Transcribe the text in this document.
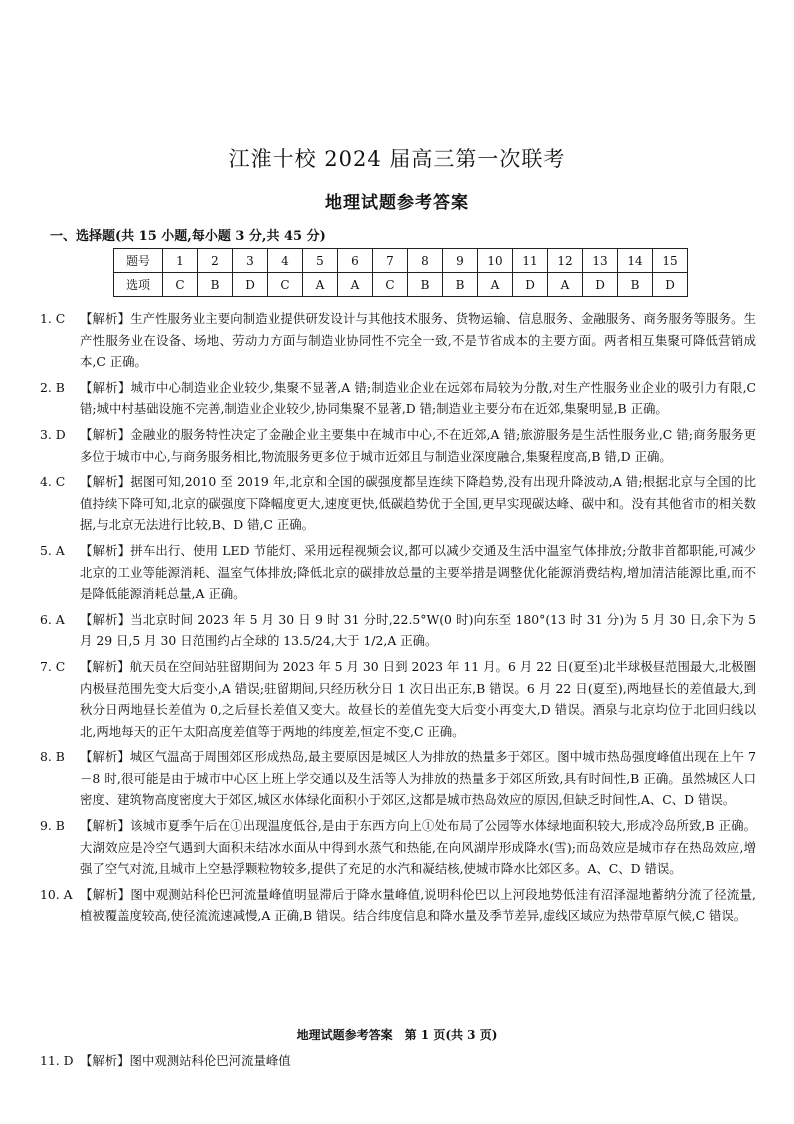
江淮十校 2024 届高三第一次联考
地理试题参考答案
一、选择题(共 15 小题,每小题 3 分,共 45 分)
题号	1	2	3	4	5	6	7	8	9	10	11	12	13	14	15
选项	C	B	D	C	A	A	C	B	B	A	D	A	D	B	D
1. C	【解析】生产性服务业主要向制造业提供研发设计与其他技术服务、货物运输、信息服务、金融服务、商务服务等服务。生产性服务业在设备、场地、劳动力方面与制造业协同性不完全一致,不是节省成本的主要方面。两者相互集聚可降低营销成本,C 正确。
2. B	【解析】城市中心制造业企业较少,集聚不显著,A 错;制造业企业在远郊布局较为分散,对生产性服务业企业的吸引力有限,C 错;城中村基础设施不完善,制造业企业较少,协同集聚不显著,D 错;制造业主要分布在近郊,集聚明显,B 正确。
3. D	【解析】金融业的服务特性决定了金融企业主要集中在城市中心,不在近郊,A 错;旅游服务是生活性服务业,C 错;商务服务更多位于城市中心,与商务服务相比,物流服务更多位于城市近郊且与制造业深度融合,集聚程度高,B 错,D 正确。
4. C	【解析】据图可知,2010 至 2019 年,北京和全国的碳强度都呈连续下降趋势,没有出现升降波动,A 错;根据北京与全国的比值持续下降可知,北京的碳强度下降幅度更大,速度更快,低碳趋势优于全国,更早实现碳达峰、碳中和。没有其他省市的相关数据,与北京无法进行比较,B、D 错,C 正确。
5. A	【解析】拼车出行、使用 LED 节能灯、采用远程视频会议,都可以减少交通及生活中温室气体排放;分散非首都职能,可减少北京的工业等能源消耗、温室气体排放;降低北京的碳排放总量的主要举措是调整优化能源消费结构,增加清洁能源比重,而不是降低能源消耗总量,A 正确。
6. A	【解析】当北京时间 2023 年 5 月 30 日 9 时 31 分时,22.5°W(0 时)向东至 180°(13 时 31 分)为 5 月 30 日,余下为 5 月 29 日,5 月 30 日范围约占全球的 13.5/24,大于 1/2,A 正确。
7. C	【解析】航天员在空间站驻留期间为 2023 年 5 月 30 日到 2023 年 11 月。6 月 22 日(夏至)北半球极昼范围最大,北极圈内极昼范围先变大后变小,A 错误;驻留期间,只经历秋分日 1 次日出正东,B 错误。6 月 22 日(夏至),两地昼长的差值最大,到秋分日两地昼长差值为 0,之后昼长差值又变大。故昼长的差值先变大后变小再变大,D 错误。酒泉与北京均位于北回归线以北,两地每天的正午太阳高度差值等于两地的纬度差,恒定不变,C 正确。
8. B	【解析】城区气温高于周围郊区形成热岛,最主要原因是城区人为排放的热量多于郊区。图中城市热岛强度峰值出现在上午 7－8 时,很可能是由于城市中心区上班上学交通以及生活等人为排放的热量多于郊区所致,具有时间性,B 正确。虽然城区人口密度、建筑物高度密度大于郊区,城区水体绿化面积小于郊区,这都是城市热岛效应的原因,但缺乏时间性,A、C、D 错误。
9. B	【解析】该城市夏季午后在①出现温度低谷,是由于东西方向上①处布局了公园等水体绿地面积较大,形成冷岛所致,B 正确。大湖效应是冷空气遇到大面积未结冰水面从中得到水蒸气和热能,在向风湖岸形成降水(雪);而岛效应是城市存在热岛效应,增强了空气对流,且城市上空悬浮颗粒物较多,提供了充足的水汽和凝结核,使城市降水比郊区多。A、C、D 错误。
10. A 【解析】图中观测站科伦巴河流量峰值明显滞后于降水量峰值,说明科伦巴以上河段地势低洼有沼泽湿地蓄纳分流了径流量,植被覆盖度较高,使径流流速减慢,A 正确,B 错误。结合纬度信息和降水量及季节差异,虚线区域应为热带草原气候,C 错误。
地理试题参考答案　第 1 页(共 3 页)
11. D 【解析】图中观测站科伦巴河流量峰值
